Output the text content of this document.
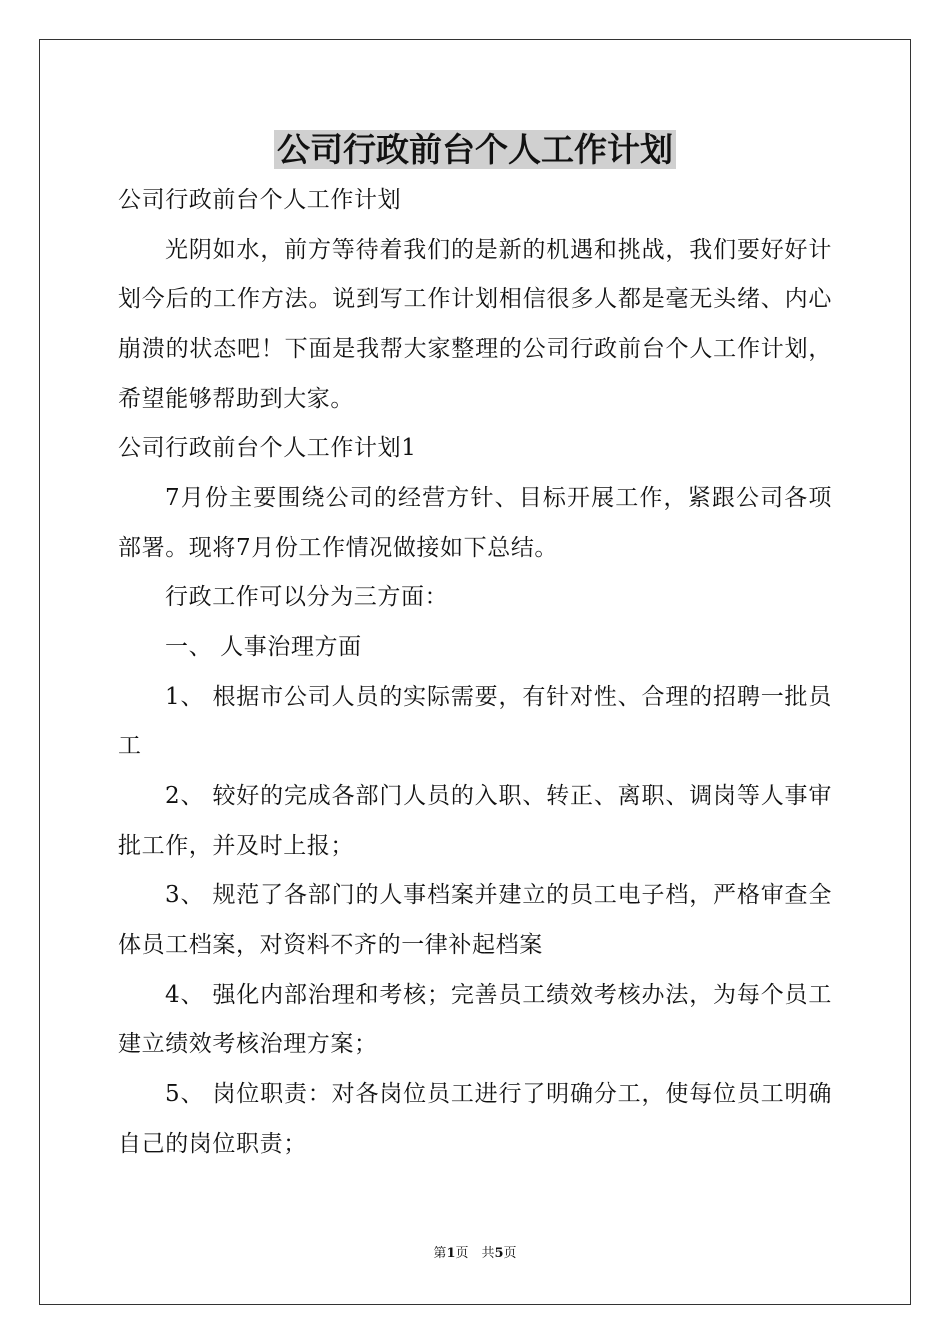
公司行政前台个人工作计划
公司行政前台个人工作计划
光阴如水，前方等待着我们的是新的机遇和挑战，我们要好好计
划今后的工作方法。说到写工作计划相信很多人都是毫无头绪、内心
崩溃的状态吧！下面是我帮大家整理的公司行政前台个人工作计划，
希望能够帮助到大家。
公司行政前台个人工作计划1
7月份主要围绕公司的经营方针、目标开展工作，紧跟公司各项
部署。现将7月份工作情况做接如下总结。
行政工作可以分为三方面：
一、 人事治理方面
1、 根据市公司人员的实际需要，有针对性、合理的招聘一批员
工
2、 较好的完成各部门人员的入职、转正、离职、调岗等人事审
批工作，并及时上报；
3、 规范了各部门的人事档案并建立的员工电子档，严格审查全
体员工档案，对资料不齐的一律补起档案
4、 强化内部治理和考核；完善员工绩效考核办法，为每个员工
建立绩效考核治理方案；
5、 岗位职责：对各岗位员工进行了明确分工，使每位员工明确
自己的岗位职责；
第1页　共5页
